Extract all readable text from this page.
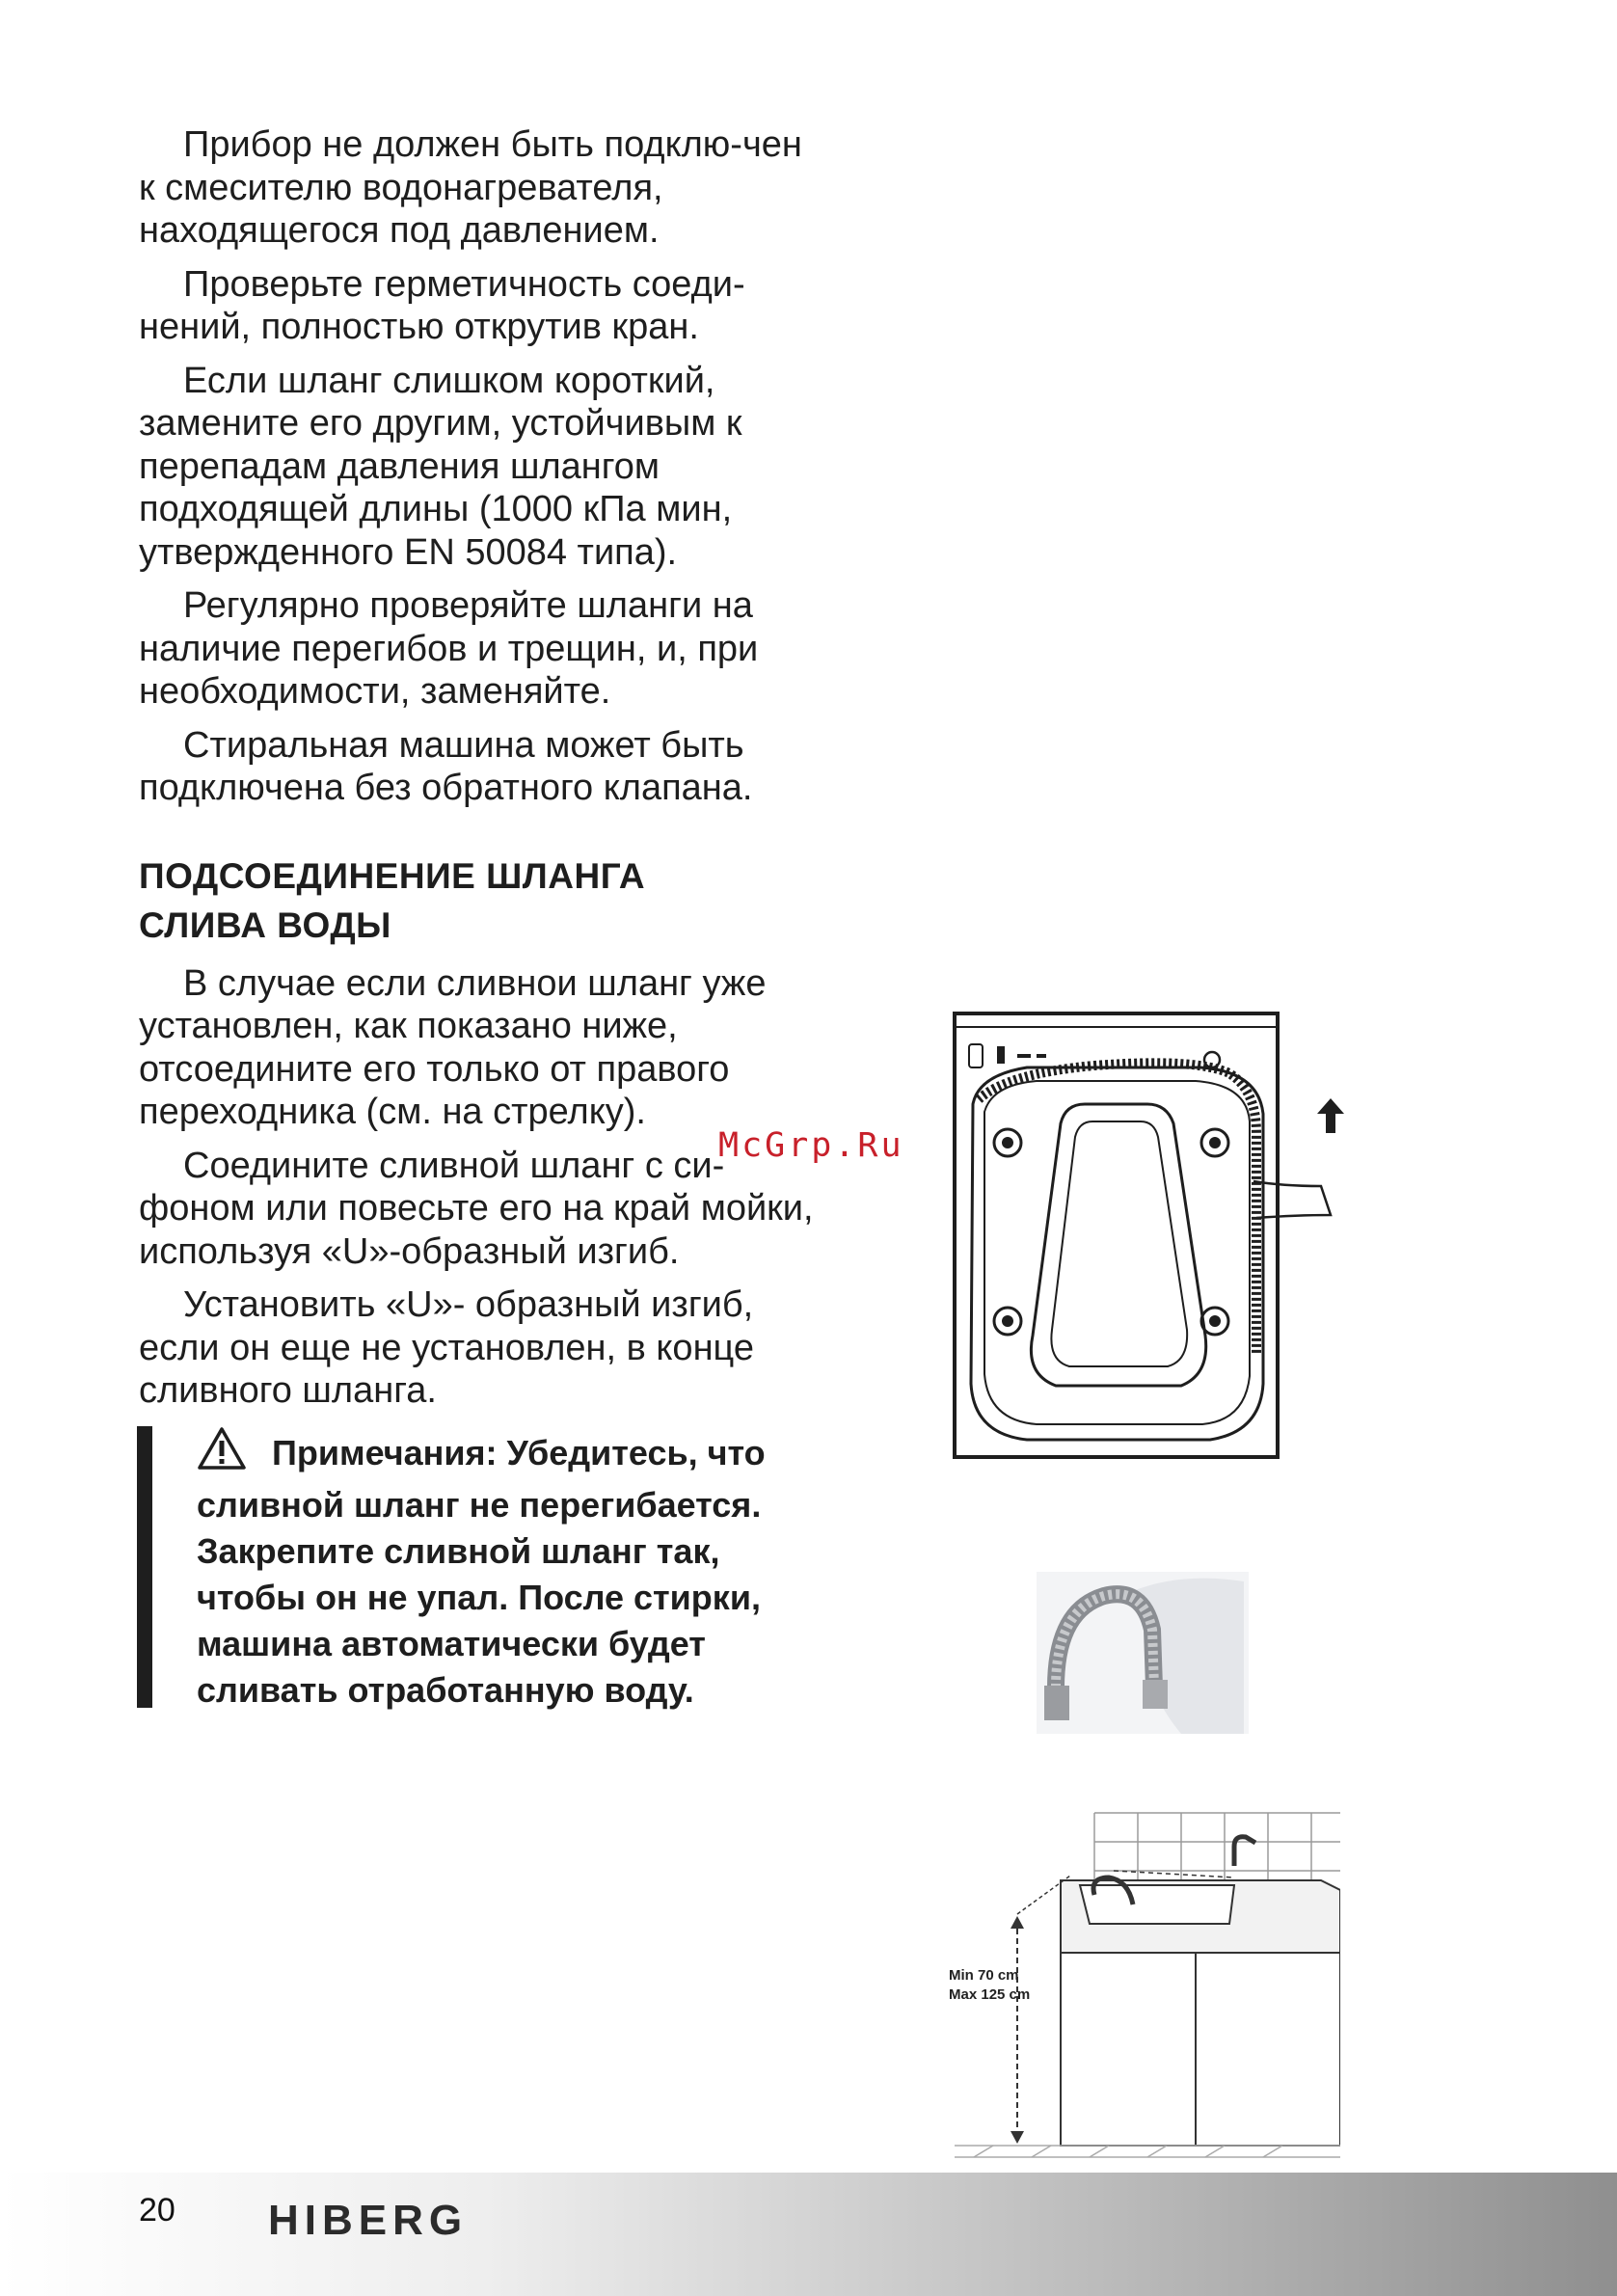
Прибор не должен быть подклю-чен к смесителю водонагревателя, находящегося под давлением.

Проверьте герметичность соеди-нений, полностью открутив кран.

Если шланг слишком короткий, замените его другим, устойчивым к перепадам давления шлангом подходящей длины (1000 кПа мин, утвержденного EN 50084 типа).

Регулярно проверяйте шланги на наличие перегибов и трещин, и, при необходимости, заменяйте.

Стиральная машина может быть подключена без обратного клапана.

ПОДСОЕДИНЕНИЕ ШЛАНГА
СЛИВА ВОДЫ

В случае если сливнои шланг уже установлен, как показано ниже, отсоедините его только от правого переходника (см. на стрелку).

Соедините сливной шланг с си-фоном или повесьте его на край мойки, используя «U»-образный изгиб.

Установить «U»- образный изгиб, если он еще не установлен, в конце сливного шланга.

Примечания: Убедитесь, что сливной шланг не перегибается. Закрепите сливной шланг так, чтобы он не упал. После стирки, машина автоматически будет сливать отработанную воду.
McGrp.Ru
Min 70 cm
Max 125 cm
20 HIBERG
